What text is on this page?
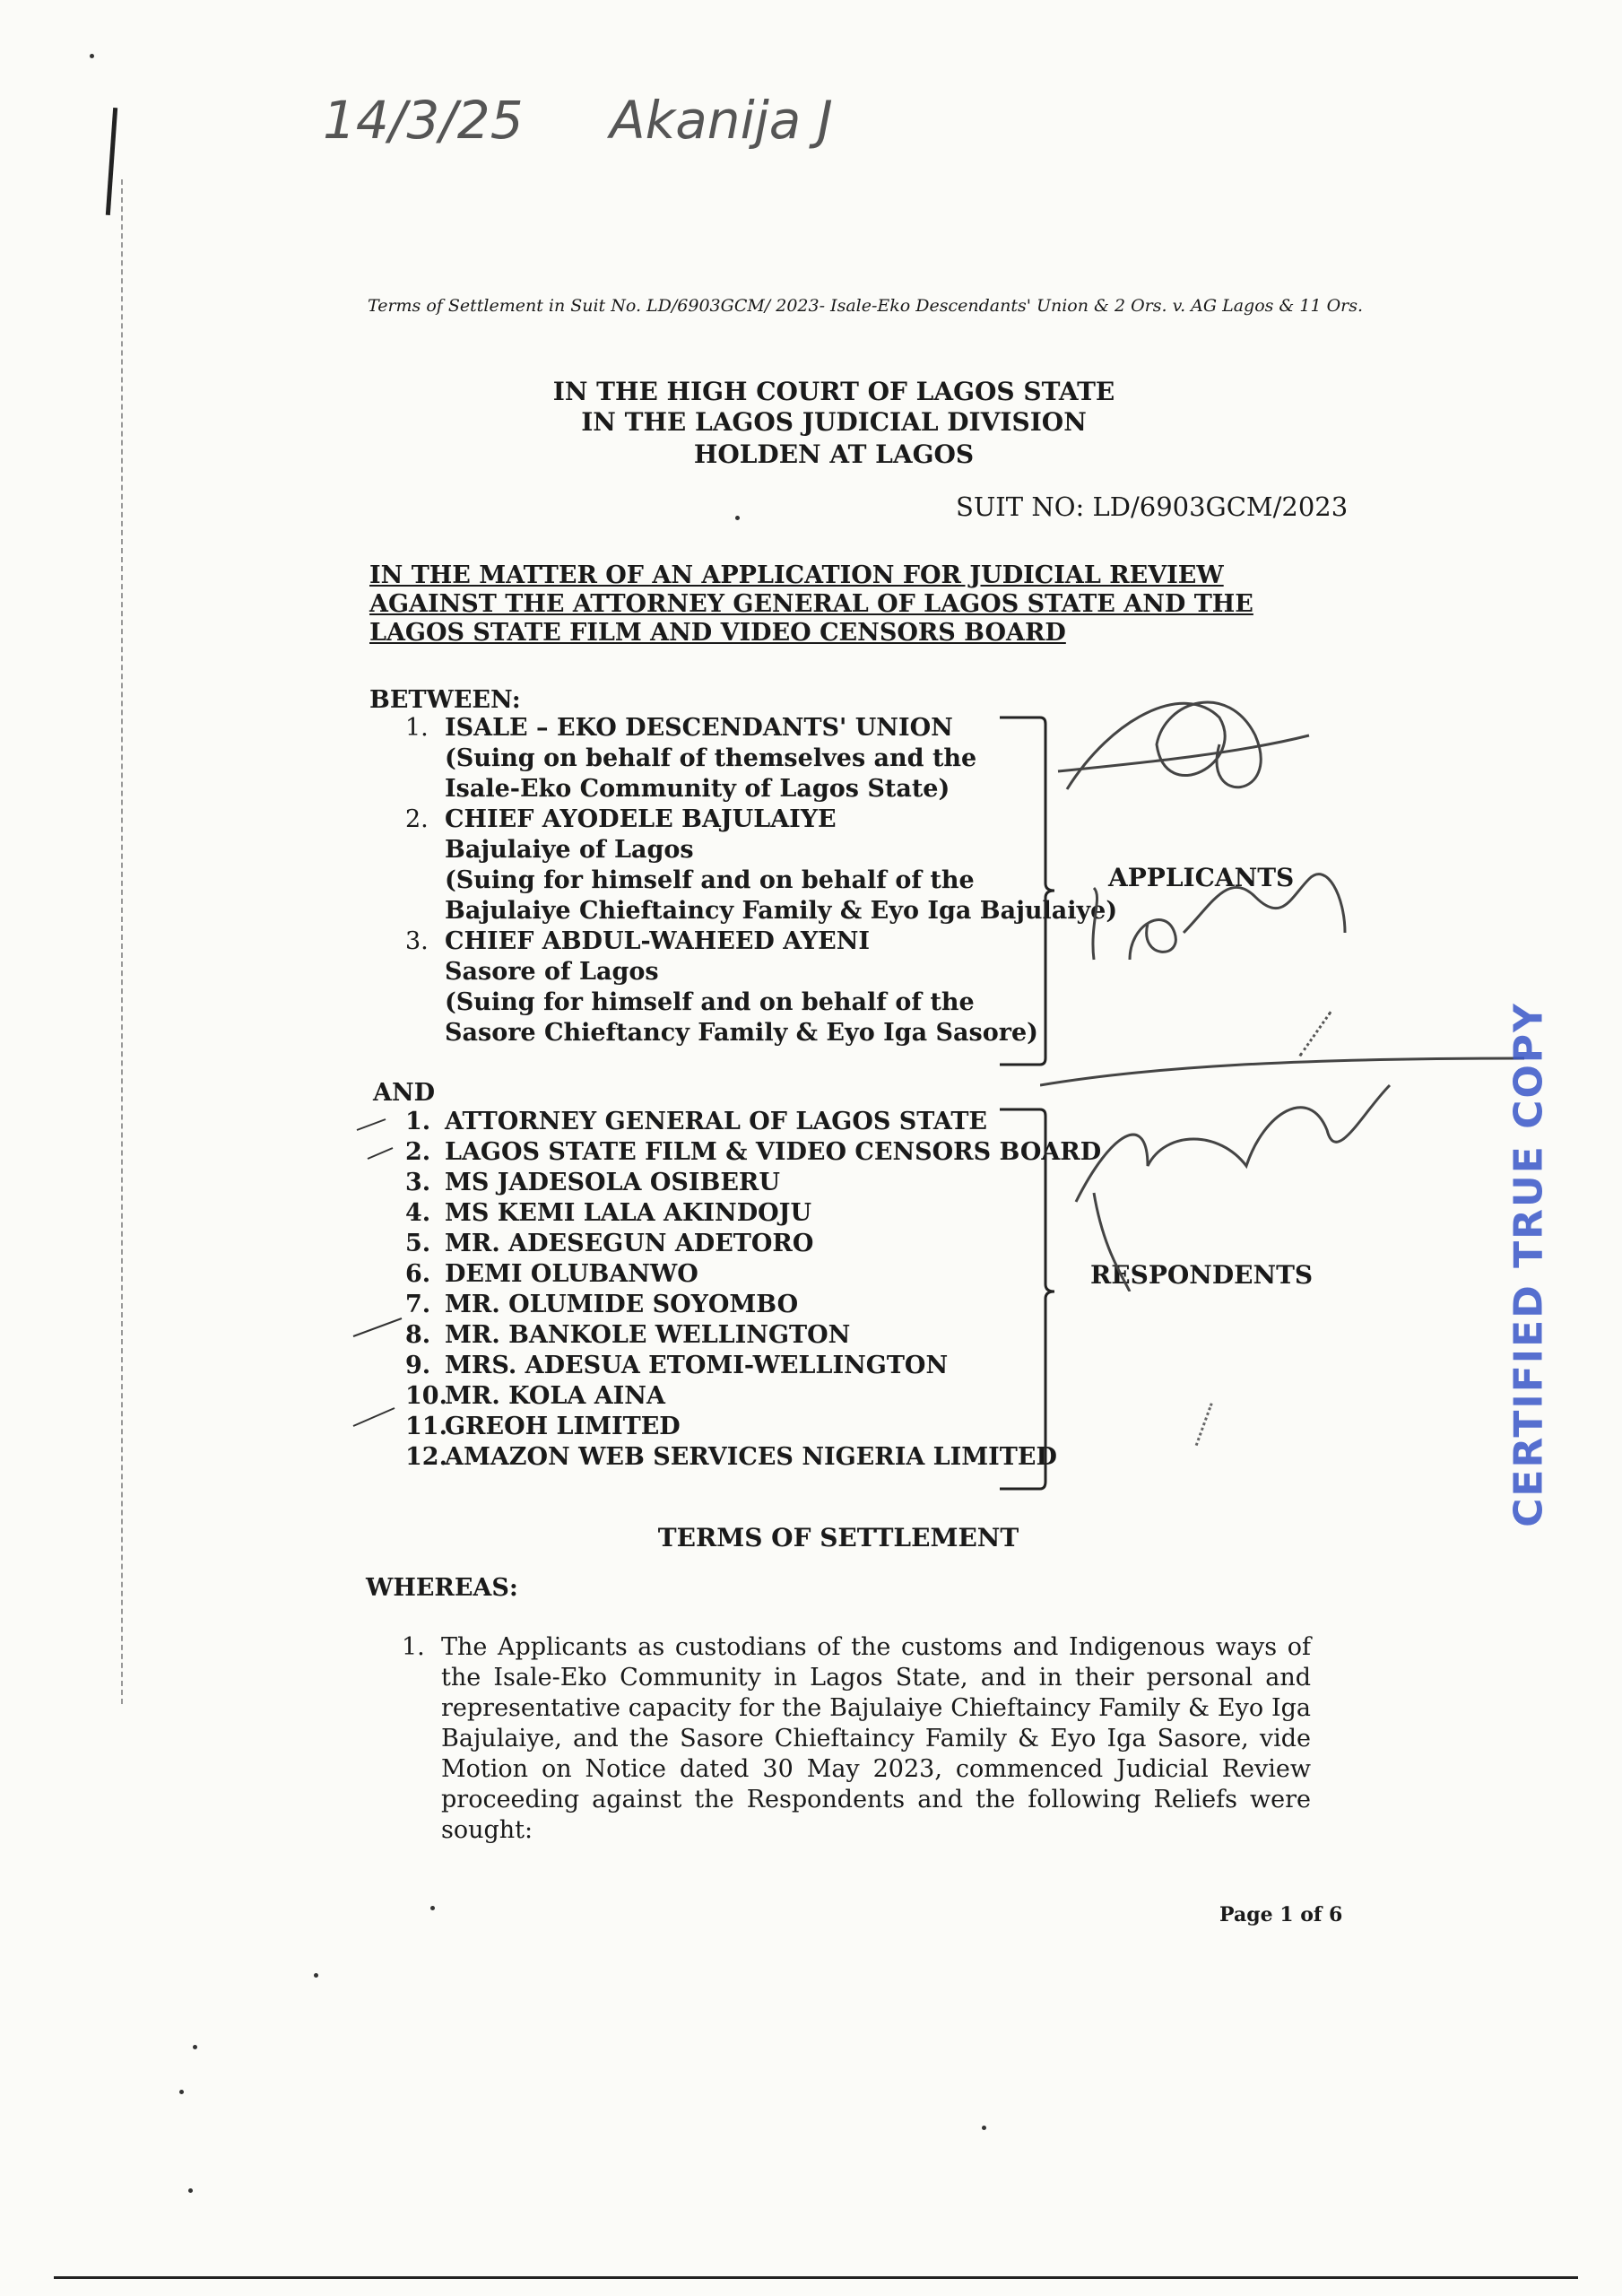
14/3/25 Akanija J
Terms of Settlement in Suit No. LD/6903GCM/ 2023- Isale-Eko Descendants' Union & 2 Ors. v. AG Lagos & 11 Ors.
IN THE HIGH COURT OF LAGOS STATE
IN THE LAGOS JUDICIAL DIVISION
HOLDEN AT LAGOS
SUIT NO: LD/6903GCM/2023
IN THE MATTER OF AN APPLICATION FOR JUDICIAL REVIEW
AGAINST THE ATTORNEY GENERAL OF LAGOS STATE AND THE
LAGOS STATE FILM AND VIDEO CENSORS BOARD
BETWEEN:
1. ISALE – EKO DESCENDANTS' UNION
(Suing on behalf of themselves and the
Isale-Eko Community of Lagos State)
2. CHIEF AYODELE BAJULAIYE
Bajulaiye of Lagos
(Suing for himself and on behalf of the
Bajulaiye Chieftaincy Family & Eyo Iga Bajulaiye)
3. CHIEF ABDUL-WAHEED AYENI
Sasore of Lagos
(Suing for himself and on behalf of the
Sasore Chieftancy Family & Eyo Iga Sasore)
APPLICANTS
AND
1. ATTORNEY GENERAL OF LAGOS STATE
2. LAGOS STATE FILM & VIDEO CENSORS BOARD
3. MS JADESOLA OSIBERU
4. MS KEMI LALA AKINDOJU
5. MR. ADESEGUN ADETORO
6. DEMI OLUBANWO
7. MR. OLUMIDE SOYOMBO
8. MR. BANKOLE WELLINGTON
9. MRS. ADESUA ETOMI-WELLINGTON
10.MR. KOLA AINA
11.GREOH LIMITED
12.AMAZON WEB SERVICES NIGERIA LIMITED
RESPONDENTS	CERTIFIED TRUE COPY
TERMS OF SETTLEMENT
WHEREAS:
1. The Applicants as custodians of the customs and Indigenous ways of the Isale-Eko Community in Lagos State, and in their personal and representative capacity for the Bajulaiye Chieftaincy Family & Eyo Iga Bajulaiye, and the Sasore Chieftaincy Family & Eyo Iga Sasore, vide Motion on Notice dated 30 May 2023, commenced Judicial Review proceeding against the Respondents and the following Reliefs were sought:
Page 1 of 6
